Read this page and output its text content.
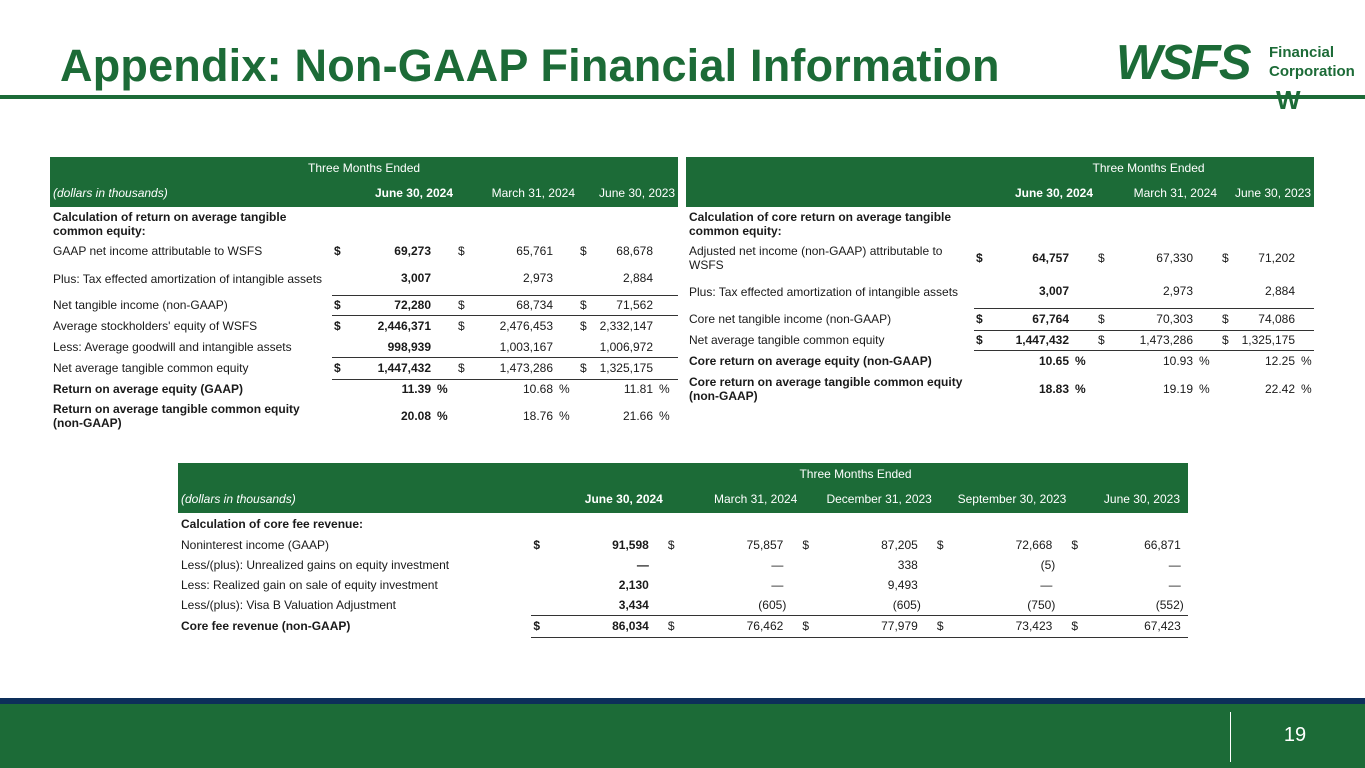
Appendix: Non-GAAP Financial Information WSFS Financial
Corporation
W
Three Months Ended									
(dollars in thousands)	June 30, 2024			March 31, 2024			June 30, 2023		
Calculation of return on average tangible common equity:									
GAAP net income attributable to WSFS	$	69,273		$	65,761		$	68,678	
Plus: Tax effected amortization of intangible assets		3,007			2,973			2,884	
Net tangible income (non-GAAP)	$	72,280		$	68,734		$	71,562	
Average stockholders' equity of WSFS	$	2,446,371		$	2,476,453		$	2,332,147	
Less: Average goodwill and intangible assets		998,939			1,003,167			1,006,972	
Net average tangible common equity	$	1,447,432		$	1,473,286		$	1,325,175	
Return on average equity (GAAP)		11.39	%		10.68	%		11.81	%
Return on average tangible common equity (non-GAAP)		20.08	%		18.76	%		21.66	%
Three Months Ended									
	June 30, 2024			March 31, 2024			June 30, 2023		
Calculation of core return on average tangible common equity:									
Adjusted net income (non-GAAP) attributable to WSFS	$	64,757		$	67,330		$	71,202	
Plus: Tax effected amortization of intangible assets		3,007			2,973			2,884	
Core net tangible income (non-GAAP)	$	67,764		$	70,303		$	74,086	
Net average tangible common equity	$	1,447,432		$	1,473,286		$	1,325,175	
Core return on average equity (non-GAAP)		10.65	%		10.93	%		12.25	%
Core return on average tangible common equity (non-GAAP)		18.83	%		19.19	%		22.42	%
Three Months Ended															
(dollars in thousands)	June 30, 2024			March 31, 2024			December 31, 2023			September 30, 2023			June 30, 2023		
Calculation of core fee revenue:															
Noninterest income (GAAP)	$	91,598		$	75,857		$	87,205		$	72,668		$	66,871	
Less/(plus): Unrealized gains on equity investment		—			—			338			(5)			—	
Less: Realized gain on sale of equity investment		2,130			—			9,493			—			—	
Less/(plus): Visa B Valuation Adjustment		3,434			(605)			(605)			(750)			(552)	
Core fee revenue (non-GAAP)	$	86,034		$	76,462		$	77,979		$	73,423		$	67,423	
19
